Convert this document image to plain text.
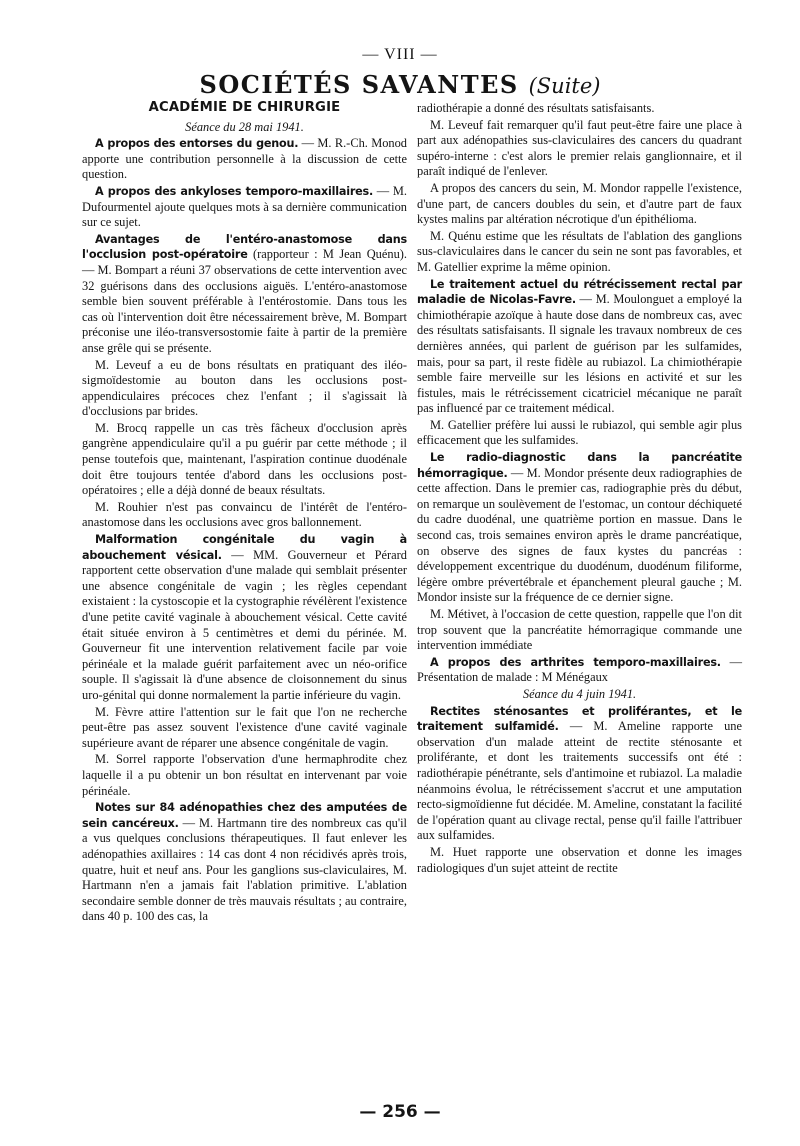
— VIII —
SOCIÉTÉS SAVANTES (Suite)
ACADÉMIE DE CHIRURGIE

Séance du 28 mai 1941.

A propos des entorses du genou. — M. R.-Ch. Monod apporte une contribution personnelle à la discussion de cette question.

A propos des ankyloses temporo-maxillaires. — M. Dufourmentel ajoute quelques mots à sa dernière communication sur ce sujet.

Avantages de l'entéro-anastomose dans l'occlusion post-opératoire (rapporteur : M Jean Quénu). — M. Bompart a réuni 37 observations de cette intervention avec 32 guérisons dans des occlusions aiguës. L'entéro-anastomose semble bien souvent préférable à l'entérostomie. Dans tous les cas où l'intervention doit être nécessairement brève, M. Bompart préconise une iléo-transversostomie faite à partir de la première anse grêle qui se présente.

M. Leveuf a eu de bons résultats en pratiquant des iléo-sigmoïdestomie au bouton dans les occlusions post-appendiculaires précoces chez l'enfant ; il s'agissait là d'occlusions par brides.

M. Brocq rappelle un cas très fâcheux d'occlusion après gangrène appendiculaire qu'il a pu guérir par cette méthode ; il pense toutefois que, maintenant, l'aspiration continue duodénale doit être toujours tentée d'abord dans les occlusions post-opératoires ; elle a déjà donné de beaux résultats.

M. Rouhier n'est pas convaincu de l'intérêt de l'entéro-anastomose dans les occlusions avec gros ballonnement.

Malformation congénitale du vagin à abouchement vésical. — MM. Gouverneur et Pérard rapportent cette observation d'une malade qui semblait présenter une absence congénitale de vagin ; les règles cependant existaient : la cystoscopie et la cystographie révélèrent l'existence d'une petite cavité vaginale à abouchement vésical. Cette cavité était située environ à 5 centimètres et demi du périnée. M. Gouverneur fit une intervention relativement facile par voie périnéale et la malade guérit parfaitement avec un néo-orifice souple. Il s'agissait là d'une absence de cloisonnement du sinus uro-génital qui donne normalement la partie inférieure du vagin.

M. Fèvre attire l'attention sur le fait que l'on ne recherche peut-être pas assez souvent l'existence d'une cavité vaginale supérieure avant de réparer une absence congénitale de vagin.

M. Sorrel rapporte l'observation d'une hermaphrodite chez laquelle il a pu obtenir un bon résultat en intervenant par voie périnéale.

Notes sur 84 adénopathies chez des amputées de sein cancéreux. — M. Hartmann tire des nombreux cas qu'il a vus quelques conclusions thérapeutiques. Il faut enlever les adénopathies axillaires : 14 cas dont 4 non récidivés après trois, quatre, huit et neuf ans. Pour les ganglions sus-claviculaires, M. Hartmann n'en a jamais fait l'ablation primitive. L'ablation secondaire semble donner de très mauvais résultats ; au contraire, dans 40 p. 100 des cas, la

radiothérapie a donné des résultats satisfaisants.

M. Leveuf fait remarquer qu'il faut peut-être faire une place à part aux adénopathies sus-claviculaires des cancers du quadrant supéro-interne : c'est alors le premier relais ganglionnaire, et il paraît indiqué de l'enlever.

A propos des cancers du sein, M. Mondor rappelle l'existence, d'une part, de cancers doubles du sein, et d'autre part de faux kystes malins par altération nécrotique d'un épithélioma.

M. Quénu estime que les résultats de l'ablation des ganglions sus-claviculaires dans le cancer du sein ne sont pas favorables, et M. Gatellier exprime la même opinion.

Le traitement actuel du rétrécissement rectal par maladie de Nicolas-Favre. — M. Moulonguet a employé la chimiothérapie azoïque à haute dose dans de nombreux cas, avec des résultats satisfaisants. Il signale les travaux nombreux de ces dernières années, qui parlent de guérison par les sulfamides, mais, pour sa part, il reste fidèle au rubiazol. La chimiothérapie semble faire merveille sur les lésions en activité et sur les fistules, mais le rétrécissement cicatriciel mécanique ne paraît pas influencé par ce traitement médical.

M. Gatellier préfère lui aussi le rubiazol, qui semble agir plus efficacement que les sulfamides.

Le radio-diagnostic dans la pancréatite hémorragique. — M. Mondor présente deux radiographies de cette affection. Dans le premier cas, radiographie près du début, on remarque un soulèvement de l'estomac, un contour déchiqueté du cadre duodénal, une quatrième portion en massue. Dans le second cas, trois semaines environ après le drame pancréatique, on observe des signes de faux kystes du pancréas : développement excentrique du duodénum, duodénum filiforme, légère ombre prévertébrale et épanchement pleural gauche ; M. Mondor insiste sur la fréquence de ce dernier signe.

M. Métivet, à l'occasion de cette question, rappelle que l'on dit trop souvent que la pancréatite hémorragique commande une intervention immédiate

A propos des arthrites temporo-maxillaires. — Présentation de malade : M Ménégaux

Séance du 4 juin 1941.

Rectites sténosantes et proliférantes, et le traitement sulfamidé. — M. Ameline rapporte une observation d'un malade atteint de rectite sténosante et proliférante, et dont les traitements successifs ont été : radiothérapie pénétrante, sels d'antimoine et rubiazol. La maladie néanmoins évolua, le rétrécissement s'accrut et une amputation recto-sigmoïdienne fut décidée. M. Ameline, constatant la facilité de l'opération quant au clivage rectal, pense qu'il faille l'attribuer aux sulfamides.

M. Huet rapporte une observation et donne les images radiologiques d'un sujet atteint de rectite

— 256 —
